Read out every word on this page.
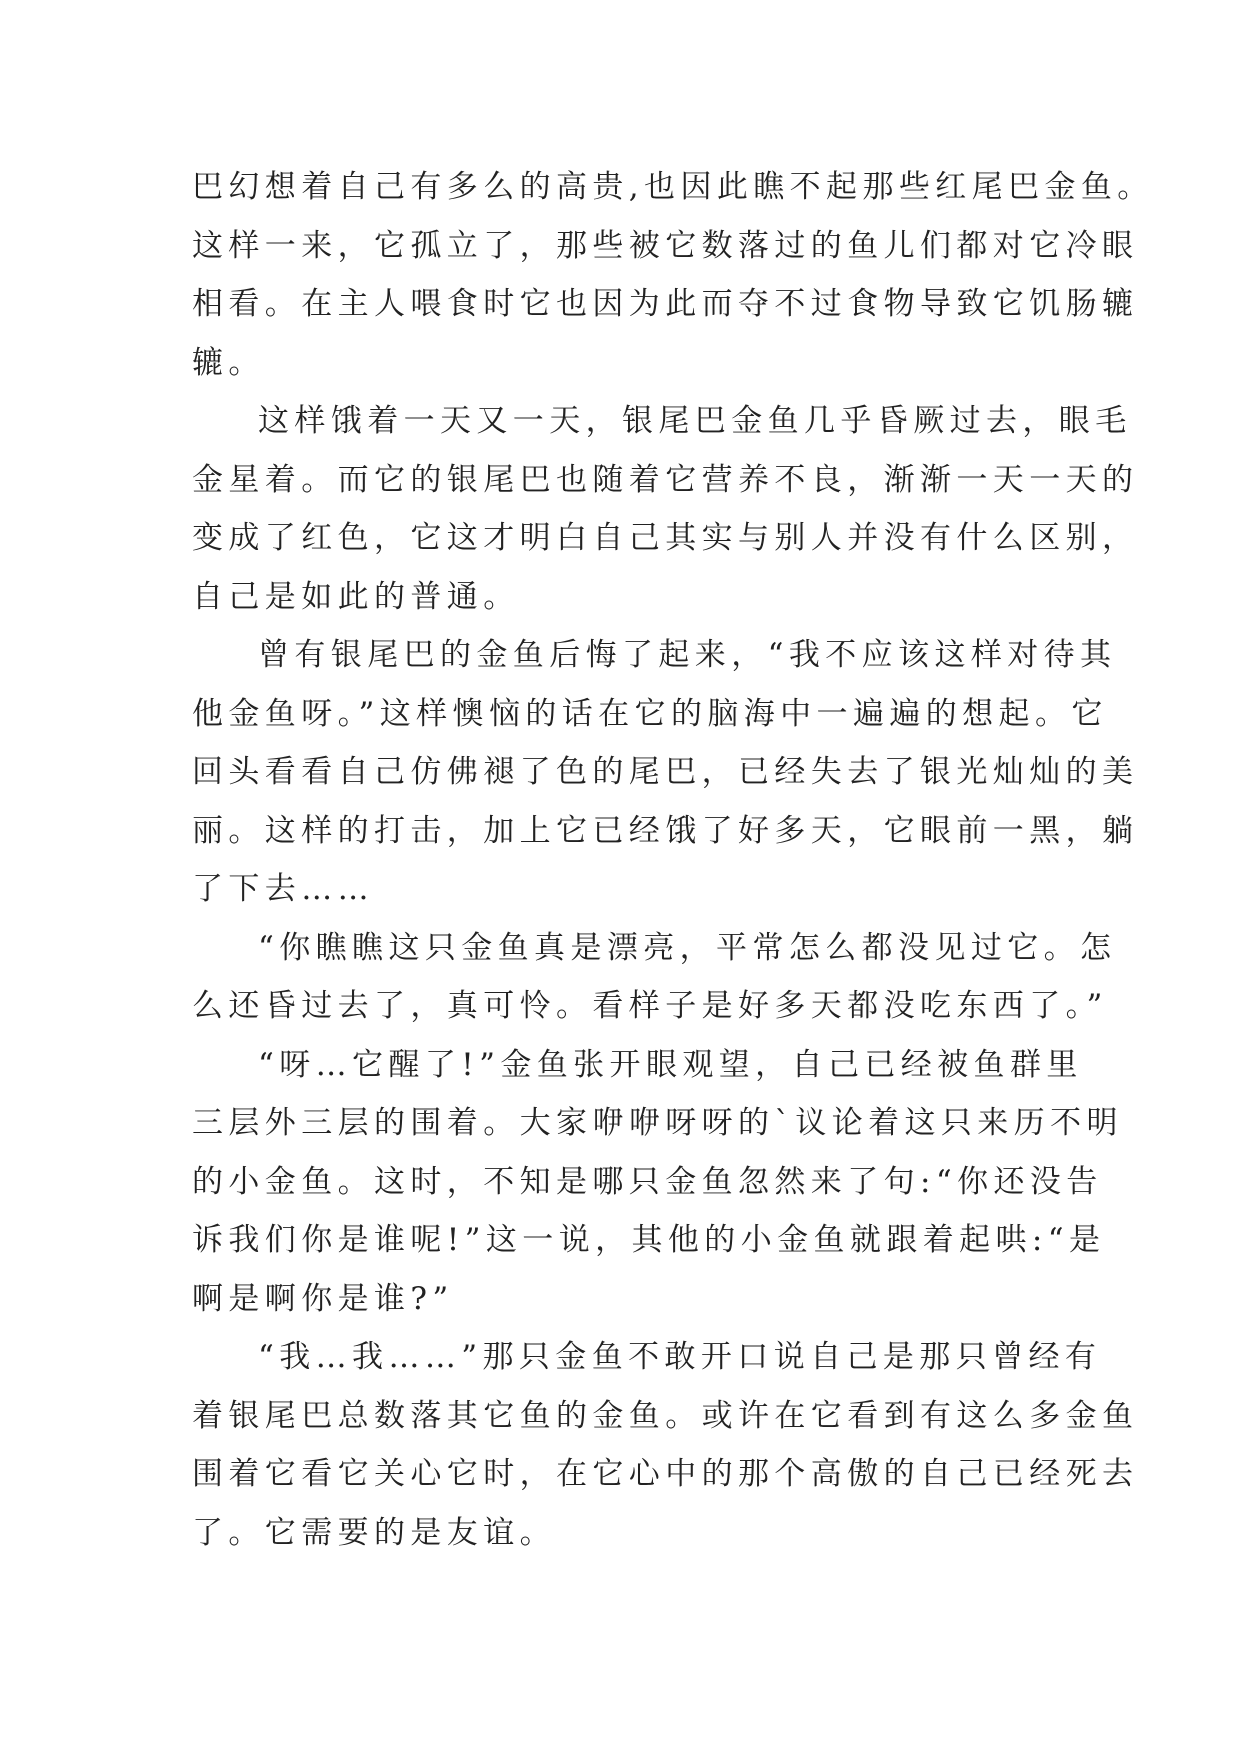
巴幻想着自己有多么的高贵,也因此瞧不起那些红尾巴金鱼。
这样一来，它孤立了，那些被它数落过的鱼儿们都对它冷眼
相看。在主人喂食时它也因为此而夺不过食物导致它饥肠辘
辘。
这样饿着一天又一天，银尾巴金鱼几乎昏厥过去，眼毛
金星着。而它的银尾巴也随着它营养不良，渐渐一天一天的
变成了红色，它这才明白自己其实与别人并没有什么区别，
自己是如此的普通。
曾有银尾巴的金鱼后悔了起来，“我不应该这样对待其
他金鱼呀。”这样懊恼的话在它的脑海中一遍遍的想起。它
回头看看自己仿佛褪了色的尾巴，已经失去了银光灿灿的美
丽。这样的打击，加上它已经饿了好多天，它眼前一黑，躺
了下去……
“你瞧瞧这只金鱼真是漂亮，平常怎么都没见过它。怎
么还昏过去了，真可怜。看样子是好多天都没吃东西了。”
“呀…它醒了!”金鱼张开眼观望，自己已经被鱼群里
三层外三层的围着。大家咿咿呀呀的`议论着这只来历不明
的小金鱼。这时，不知是哪只金鱼忽然来了句:“你还没告
诉我们你是谁呢!”这一说，其他的小金鱼就跟着起哄:“是
啊是啊你是谁?”
“我…我……”那只金鱼不敢开口说自己是那只曾经有
着银尾巴总数落其它鱼的金鱼。或许在它看到有这么多金鱼
围着它看它关心它时，在它心中的那个高傲的自己已经死去
了。它需要的是友谊。
